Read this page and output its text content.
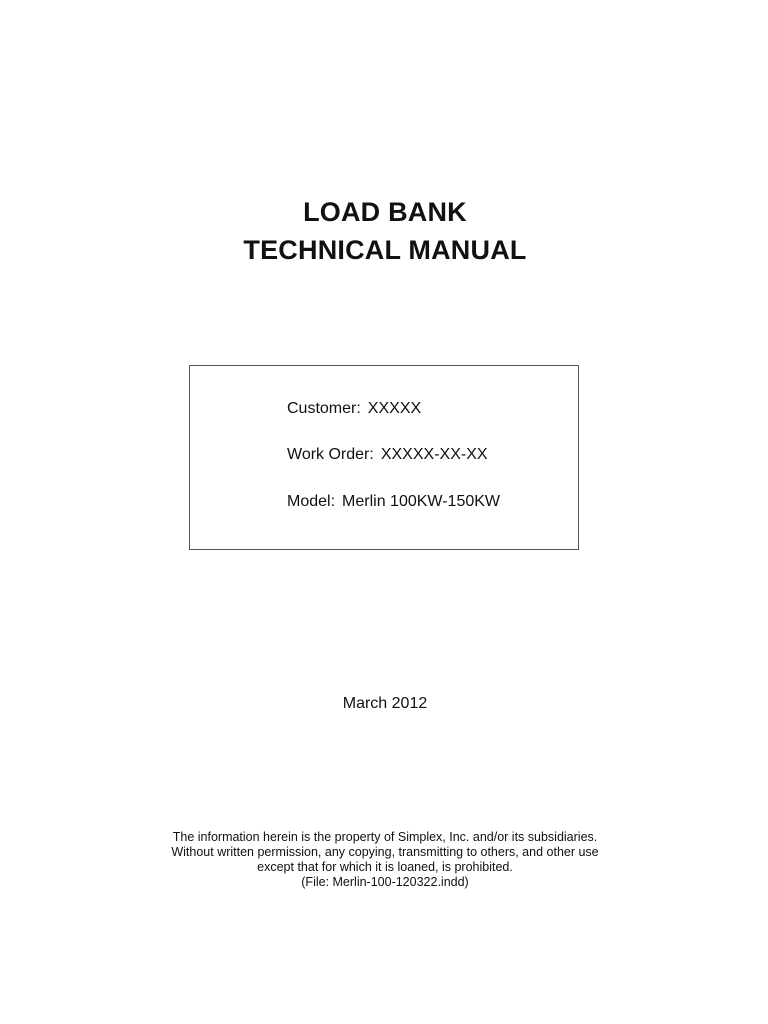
LOAD BANK
TECHNICAL MANUAL
Customer: XXXXX
Work Order: XXXXX-XX-XX
Model: Merlin 100KW-150KW
March 2012
The information herein is the property of Simplex, Inc. and/or its subsidiaries.
Without written permission, any copying, transmitting to others, and other use
except that for which it is loaned, is prohibited.
(File: Merlin-100-120322.indd)
